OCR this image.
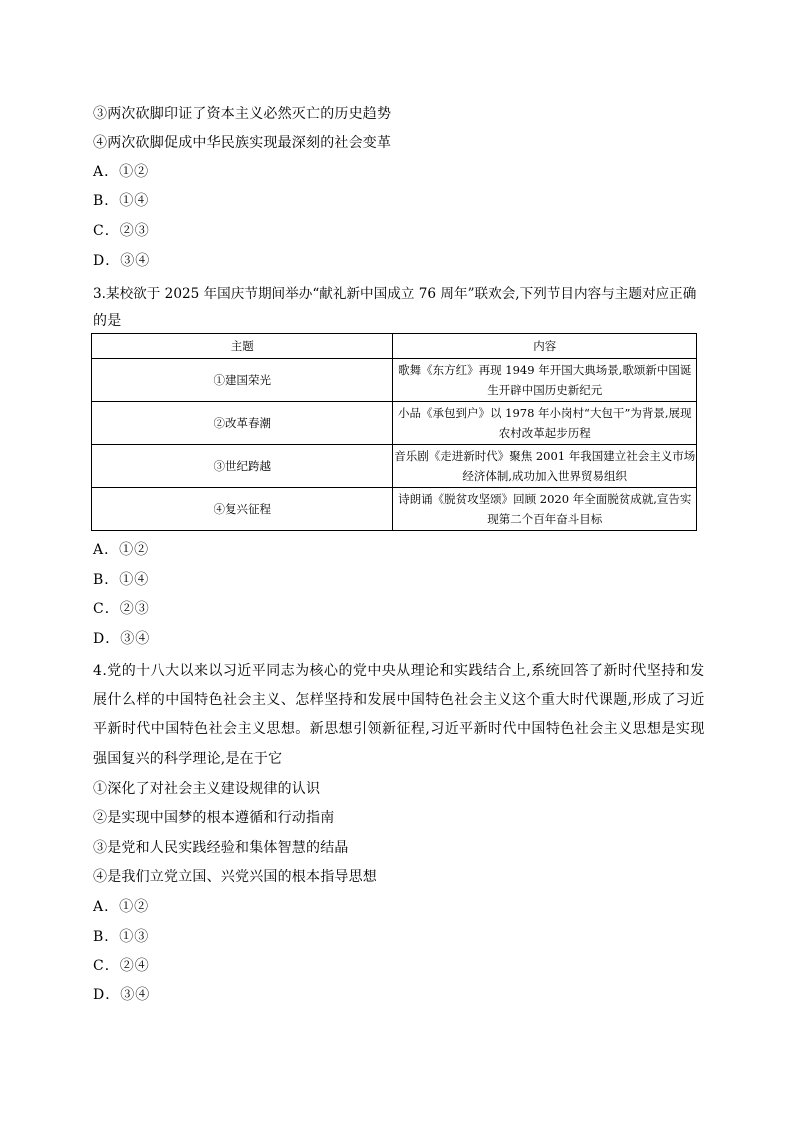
③两次砍脚印证了资本主义必然灭亡的历史趋势
④两次砍脚促成中华民族实现最深刻的社会变革
A．①②
B．①④
C．②③
D．③④
3.某校欲于 2025 年国庆节期间举办“献礼新中国成立 76 周年”联欢会,下列节目内容与主题对应正确
的是
主题	内容
①建国荣光	歌舞《东方红》再现 1949 年开国大典场景,歌颂新中国诞生开辟中国历史新纪元
②改革春潮	小品《承包到户》以 1978 年小岗村“大包干”为背景,展现农村改革起步历程
③世纪跨越	音乐剧《走进新时代》聚焦 2001 年我国建立社会主义市场经济体制,成功加入世界贸易组织
④复兴征程	诗朗诵《脱贫攻坚颂》回顾 2020 年全面脱贫成就,宣告实现第二个百年奋斗目标
A．①②
B．①④
C．②③
D．③④
4.党的十八大以来以习近平同志为核心的党中央从理论和实践结合上,系统回答了新时代坚持和发
展什么样的中国特色社会主义、怎样坚持和发展中国特色社会主义这个重大时代课题,形成了习近
平新时代中国特色社会主义思想。新思想引领新征程,习近平新时代中国特色社会主义思想是实现
强国复兴的科学理论,是在于它
①深化了对社会主义建设规律的认识
②是实现中国梦的根本遵循和行动指南
③是党和人民实践经验和集体智慧的结晶
④是我们立党立国、兴党兴国的根本指导思想
A．①②
B．①③
C．②④
D．③④
